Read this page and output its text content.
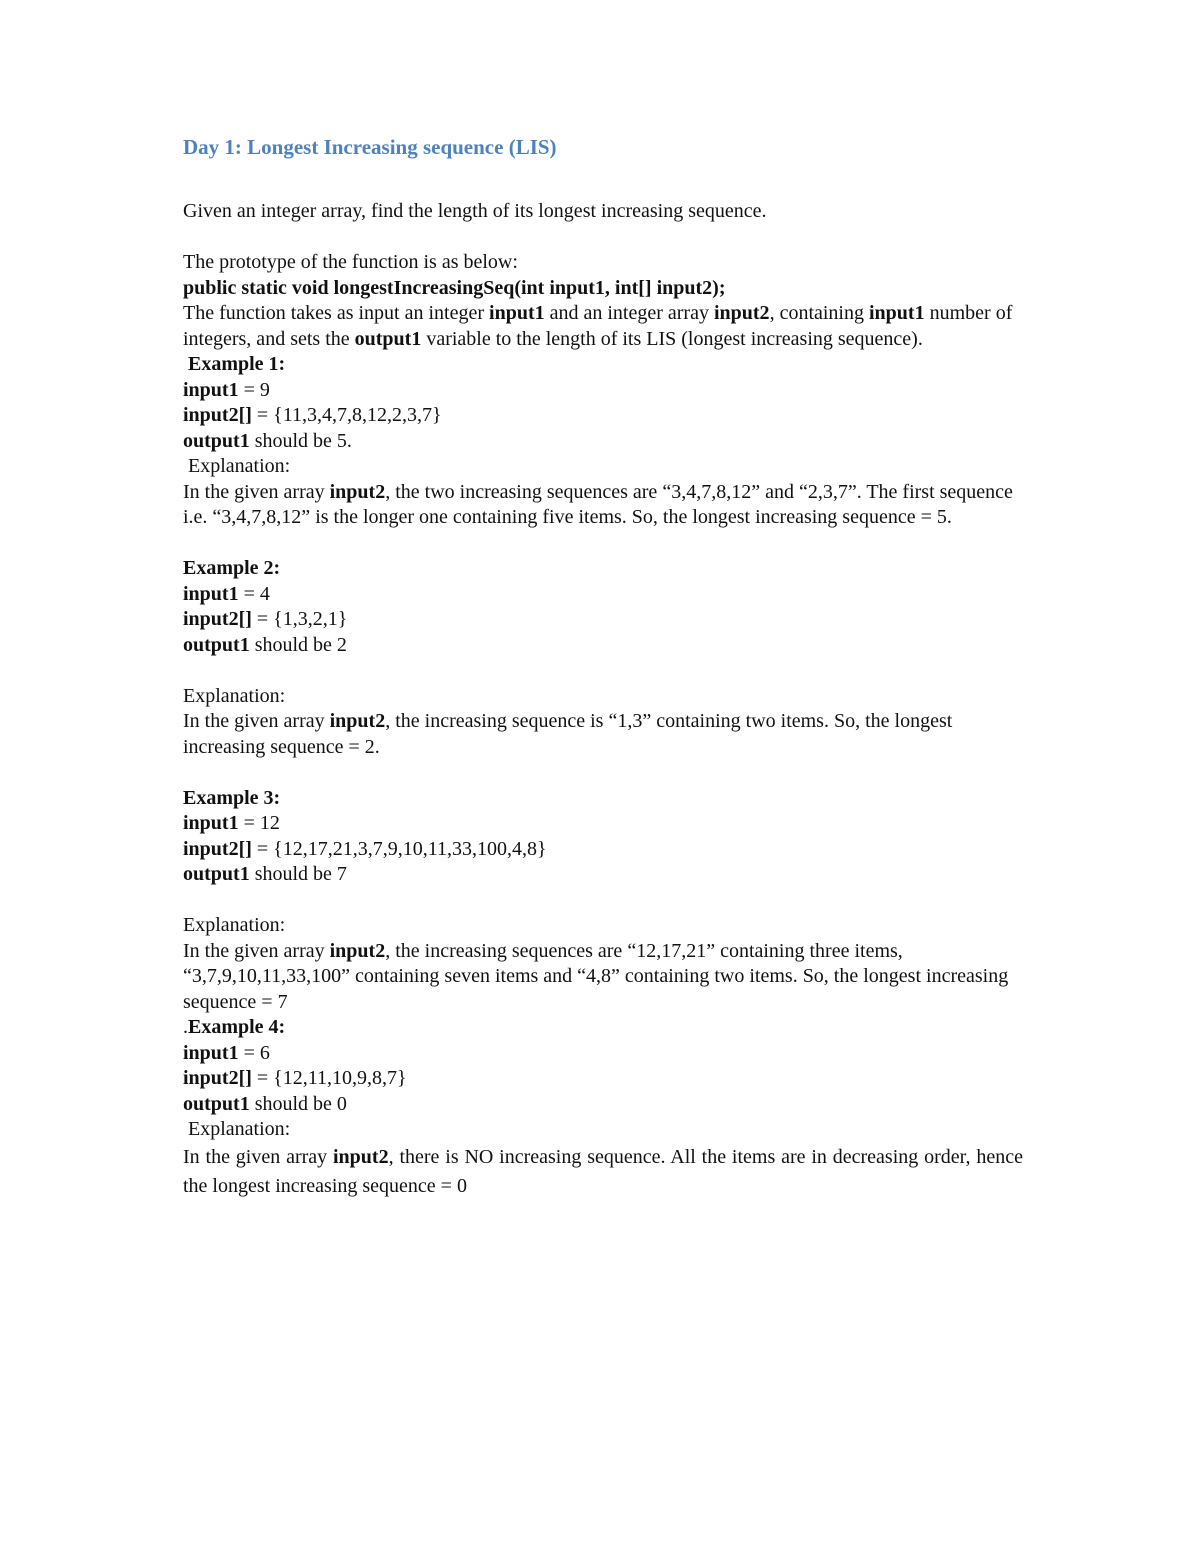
Day 1: Longest Increasing sequence (LIS)

Given an integer array, find the length of its longest increasing sequence.

The prototype of the function is as below:

public static void longestIncreasingSeq(int input1, int[] input2);

The function takes as input an integer input1 and an integer array input2, containing input1 number of integers, and sets the output1 variable to the length of its LIS (longest increasing sequence).

Example 1:

input1 = 9

input2[] = {11,3,4,7,8,12,2,3,7}

output1 should be 5.

Explanation:

In the given array input2, the two increasing sequences are “3,4,7,8,12” and “2,3,7”. The first sequence i.e. “3,4,7,8,12” is the longer one containing five items. So, the longest increasing sequence = 5.

Example 2:

input1 = 4

input2[] = {1,3,2,1}

output1 should be 2

Explanation:

In the given array input2, the increasing sequence is “1,3” containing two items. So, the longest increasing sequence = 2.

Example 3:

input1 = 12

input2[] = {12,17,21,3,7,9,10,11,33,100,4,8}

output1 should be 7

Explanation:

In the given array input2, the increasing sequences are “12,17,21” containing three items, “3,7,9,10,11,33,100” containing seven items and “4,8” containing two items. So, the longest increasing sequence = 7

.Example 4:

input1 = 6

input2[] = {12,11,10,9,8,7}

output1 should be 0

Explanation:

In the given array input2, there is NO increasing sequence. All the items are in decreasing order, hence the longest increasing sequence = 0
